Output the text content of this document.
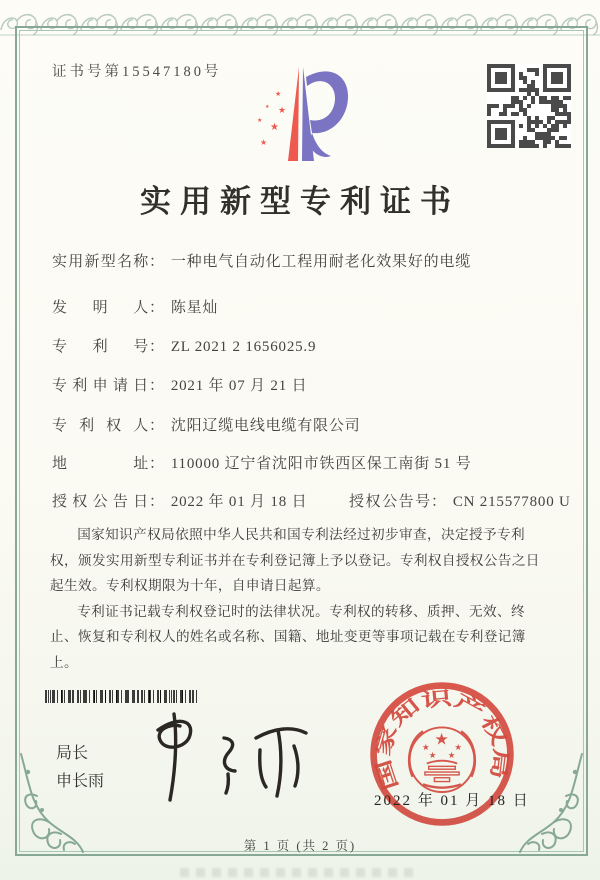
证书号第15547180号
★
★ ★
★
★
★
实用新型专利证书
实用新型名称： 一种电气自动化工程用耐老化效果好的电缆
发明人： 陈星灿
专利号： ZL 2021 2 1656025.9
专利申请日： 2021 年 07 月 21 日
专利权人： 沈阳辽缆电线电缆有限公司
地址： 110000 辽宁省沈阳市铁西区保工南街 51 号
授权公告日： 2022 年 01 月 18 日	授权公告号： CN 215577800 U

国家知识产权局依照中华人民共和国专利法经过初步审查，决定授予专利权，颁发实用新型专利证书并在专利登记簿上予以登记。专利权自授权公告之日起生效。专利权期限为十年，自申请日起算。

专利证书记载专利权登记时的法律状况。专利权的转移、质押、无效、终止、恢复和专利权人的姓名或名称、国籍、地址变更等事项记载在专利登记簿上。

局长
申长雨	国家知识产权局
★
★
★
★
★
2022 年 01 月 18 日
第 1 页 (共 2 页)
